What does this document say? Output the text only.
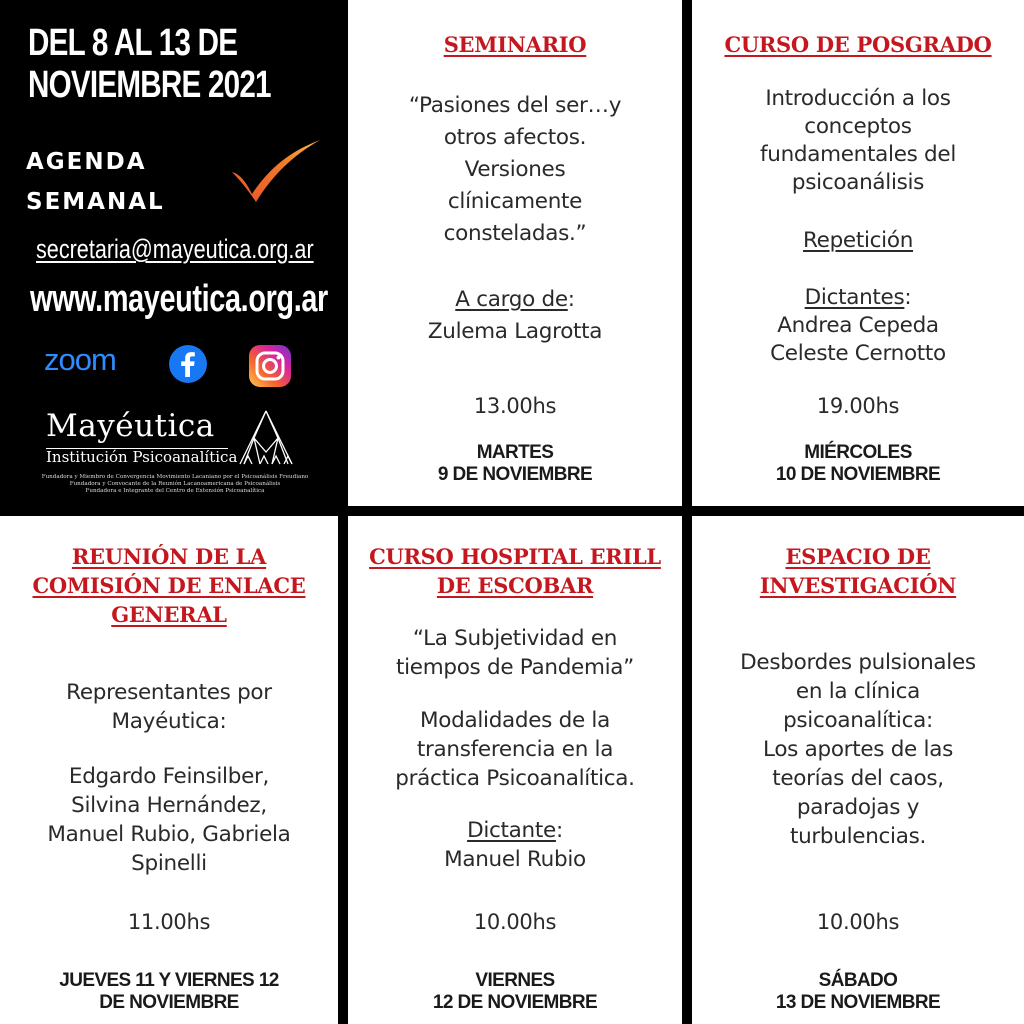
DEL 8 AL 13 DE
NOVIEMBRE 2021
AGENDA
SEMANAL
secretaria@mayeutica.org.ar
www.mayeutica.org.ar
zoom
Mayéutica
Institución Psicoanalítica
Fundadora y Miembro de Convergencia Movimiento Lacaniano por el Psicoanálisis Freudiano
Fundadora y Convocante de la Reunión Lacanoamericana de Psicoanálisis
Fundadora e Integrante del Centro de Extensión Psicoanalítica
SEMINARIO
“Pasiones del ser…y
otros afectos.
Versiones
clínicamente
consteladas.”
A cargo de:
Zulema Lagrotta
13.00hs
MARTES
9 DE NOVIEMBRE
CURSO DE POSGRADO
Introducción a los
conceptos
fundamentales del
psicoanálisis
Repetición
Dictantes:
Andrea Cepeda
Celeste Cernotto
19.00hs
MIÉRCOLES
10 DE NOVIEMBRE
REUNIÓN DE LA
COMISIÓN DE ENLACE
GENERAL
Representantes por
Mayéutica:
Edgardo Feinsilber,
Silvina Hernández,
Manuel Rubio, Gabriela
Spinelli
11.00hs
JUEVES 11 Y VIERNES 12
DE NOVIEMBRE
CURSO HOSPITAL ERILL
DE ESCOBAR
“La Subjetividad en
tiempos de Pandemia”
Modalidades de la
transferencia en la
práctica Psicoanalítica.
Dictante:
Manuel Rubio
10.00hs
VIERNES
12 DE NOVIEMBRE
ESPACIO DE
INVESTIGACIÓN
Desbordes pulsionales
en la clínica
psicoanalítica:
Los aportes de las
teorías del caos,
paradojas y
turbulencias.
10.00hs
SÁBADO
13 DE NOVIEMBRE
